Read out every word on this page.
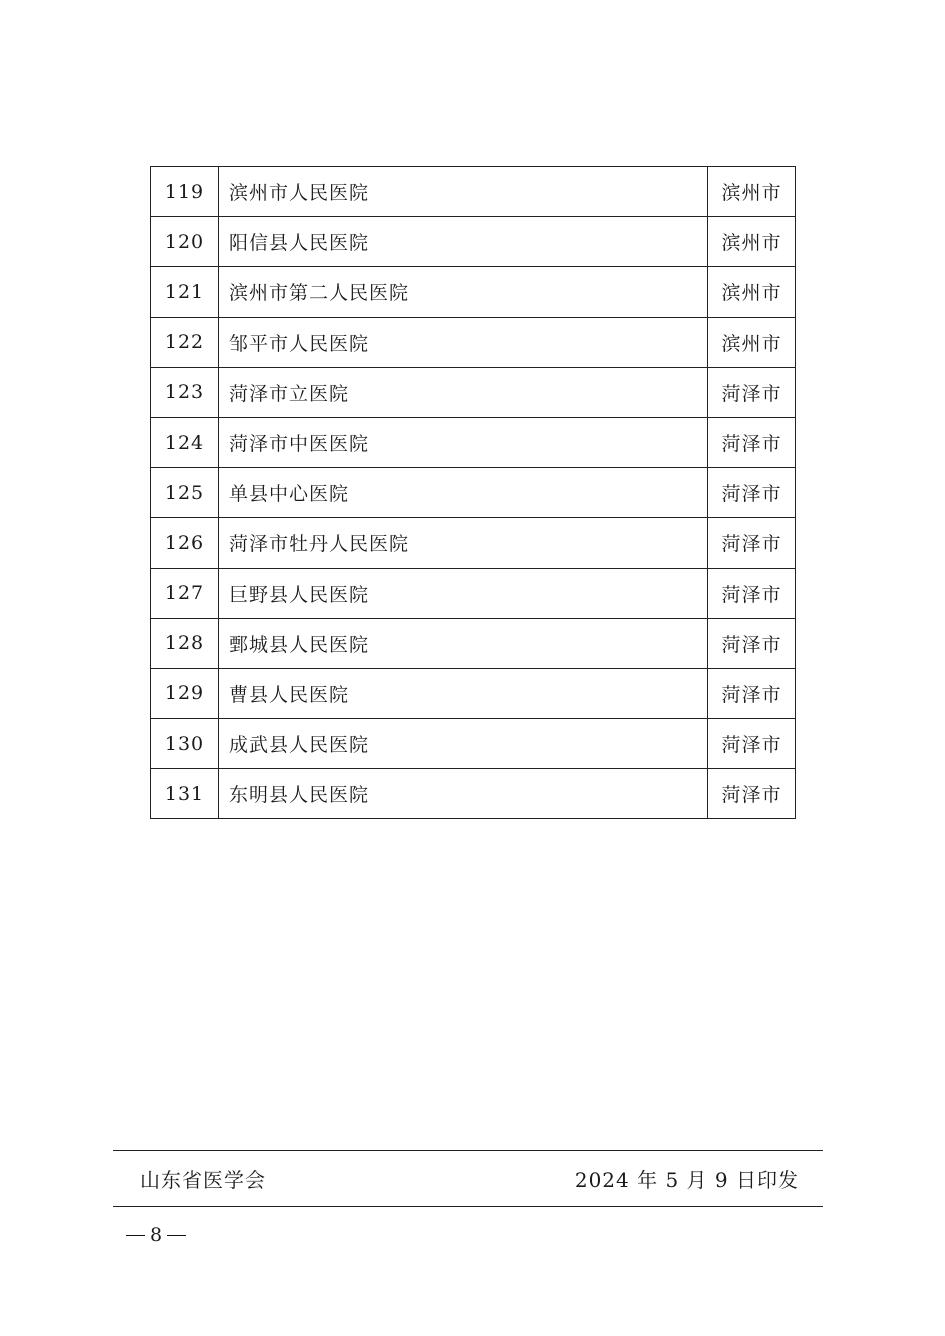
119	滨州市人民医院	滨州市
120	阳信县人民医院	滨州市
121	滨州市第二人民医院	滨州市
122	邹平市人民医院	滨州市
123	菏泽市立医院	菏泽市
124	菏泽市中医医院	菏泽市
125	单县中心医院	菏泽市
126	菏泽市牡丹人民医院	菏泽市
127	巨野县人民医院	菏泽市
128	鄄城县人民医院	菏泽市
129	曹县人民医院	菏泽市
130	成武县人民医院	菏泽市
131	东明县人民医院	菏泽市
山东省医学会	2024 年 5 月 9 日印发
8
